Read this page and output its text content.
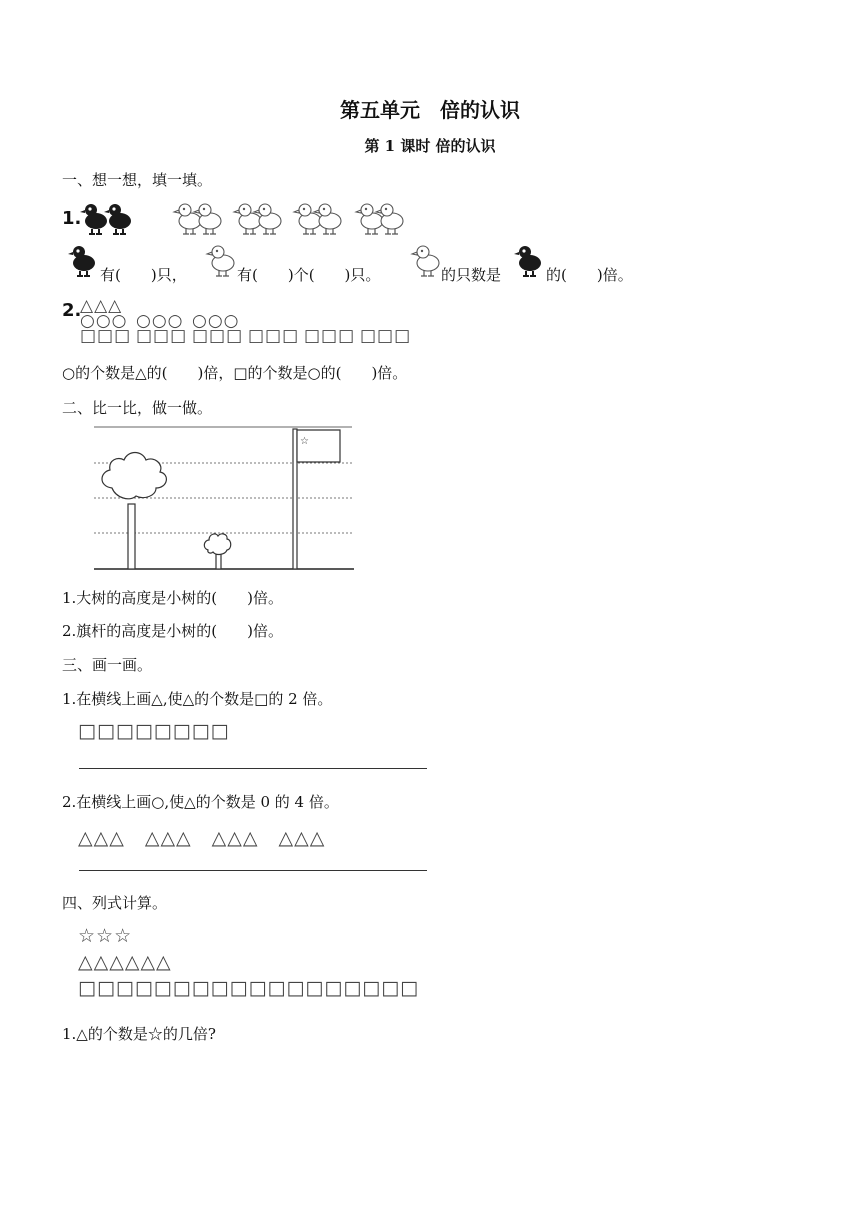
第五单元　倍的认识
第 1 课时 倍的认识
一、想一想，填一填。
1.
有(　　)只，	有(　　)个(　　)只。	的只数是	的(　　)倍。
2.
△△△
○○○ ○○○ ○○○
□□□ □□□ □□□ □□□ □□□ □□□
○的个数是△的(　　)倍，□的个数是○的(　　)倍。
二、比一比，做一做。
☆
1.大树的高度是小树的(　　)倍。
2.旗杆的高度是小树的(　　)倍。
三、画一画。
1.在横线上画△,使△的个数是□的 2 倍。
□□□□□□□□
2.在横线上画○,使△的个数是 0 的 4 倍。
△△△　△△△　△△△　△△△
四、列式计算。
☆☆☆
△△△△△△
□□□□□□□□□□□□□□□□□□
1.△的个数是☆的几倍?
